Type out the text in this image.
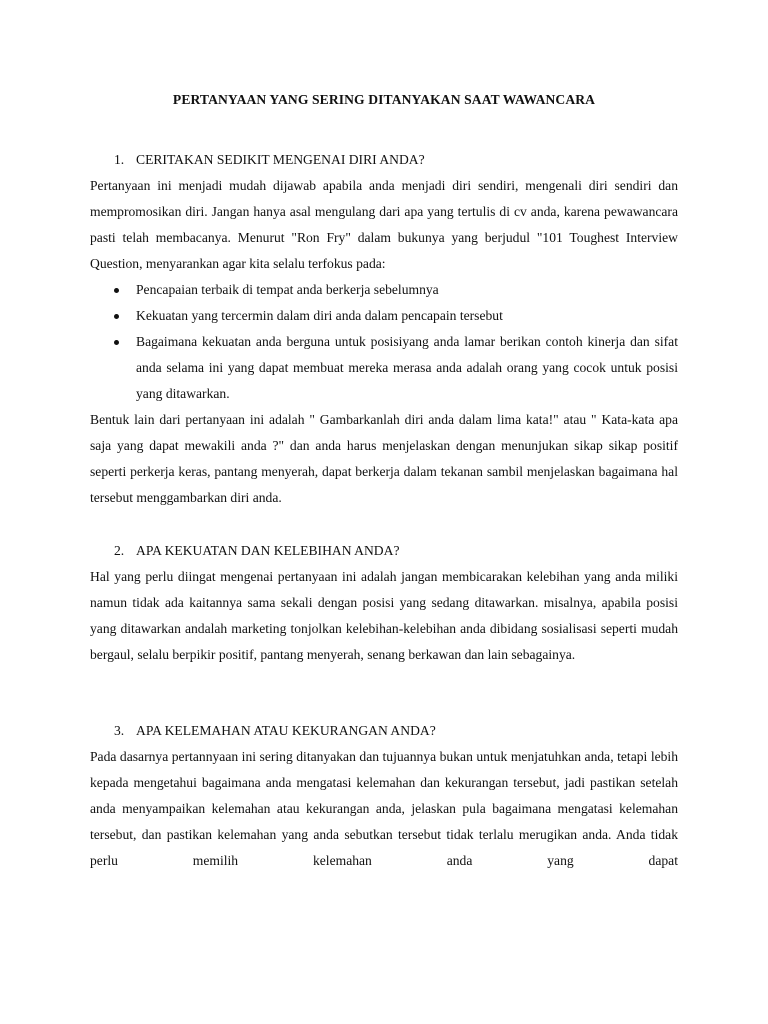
PERTANYAAN YANG SERING DITANYAKAN SAAT WAWANCARA
1. CERITAKAN SEDIKIT MENGENAI DIRI ANDA?

Pertanyaan ini menjadi mudah dijawab apabila anda menjadi diri sendiri, mengenali diri sendiri dan mempromosikan diri. Jangan hanya asal mengulang dari apa yang tertulis di cv anda, karena pewawancara pasti telah membacanya. Menurut "Ron Fry" dalam bukunya yang berjudul "101 Toughest Interview Question, menyarankan agar kita selalu terfokus pada:

Pencapaian terbaik di tempat anda berkerja sebelumnya
Kekuatan yang tercermin dalam diri anda dalam pencapain tersebut
Bagaimana kekuatan anda berguna untuk posisiyang anda lamar berikan contoh kinerja dan sifat anda selama ini yang dapat membuat mereka merasa anda adalah orang yang cocok untuk posisi yang ditawarkan.

Bentuk lain dari pertanyaan ini adalah " Gambarkanlah diri anda dalam lima kata!" atau " Kata-kata apa saja yang dapat mewakili anda ?" dan anda harus menjelaskan dengan menunjukan sikap sikap positif seperti perkerja keras, pantang menyerah, dapat berkerja dalam tekanan sambil menjelaskan bagaimana hal tersebut menggambarkan diri anda.

2. APA KEKUATAN DAN KELEBIHAN ANDA?

Hal yang perlu diingat mengenai pertanyaan ini adalah jangan membicarakan kelebihan yang anda miliki namun tidak ada kaitannya sama sekali dengan posisi yang sedang ditawarkan. misalnya, apabila posisi yang ditawarkan andalah marketing tonjolkan kelebihan-kelebihan anda dibidang sosialisasi seperti mudah bergaul, selalu berpikir positif, pantang menyerah, senang berkawan dan lain sebagainya.

3. APA KELEMAHAN ATAU KEKURANGAN ANDA?

Pada dasarnya pertannyaan ini sering ditanyakan dan tujuannya bukan untuk menjatuhkan anda, tetapi lebih kepada mengetahui bagaimana anda mengatasi kelemahan dan kekurangan tersebut, jadi pastikan setelah anda menyampaikan kelemahan atau kekurangan anda, jelaskan pula bagaimana mengatasi kelemahan tersebut, dan pastikan kelemahan yang anda sebutkan tersebut tidak terlalu merugikan anda. Anda tidak perlu memilih kelemahan anda yang dapat
